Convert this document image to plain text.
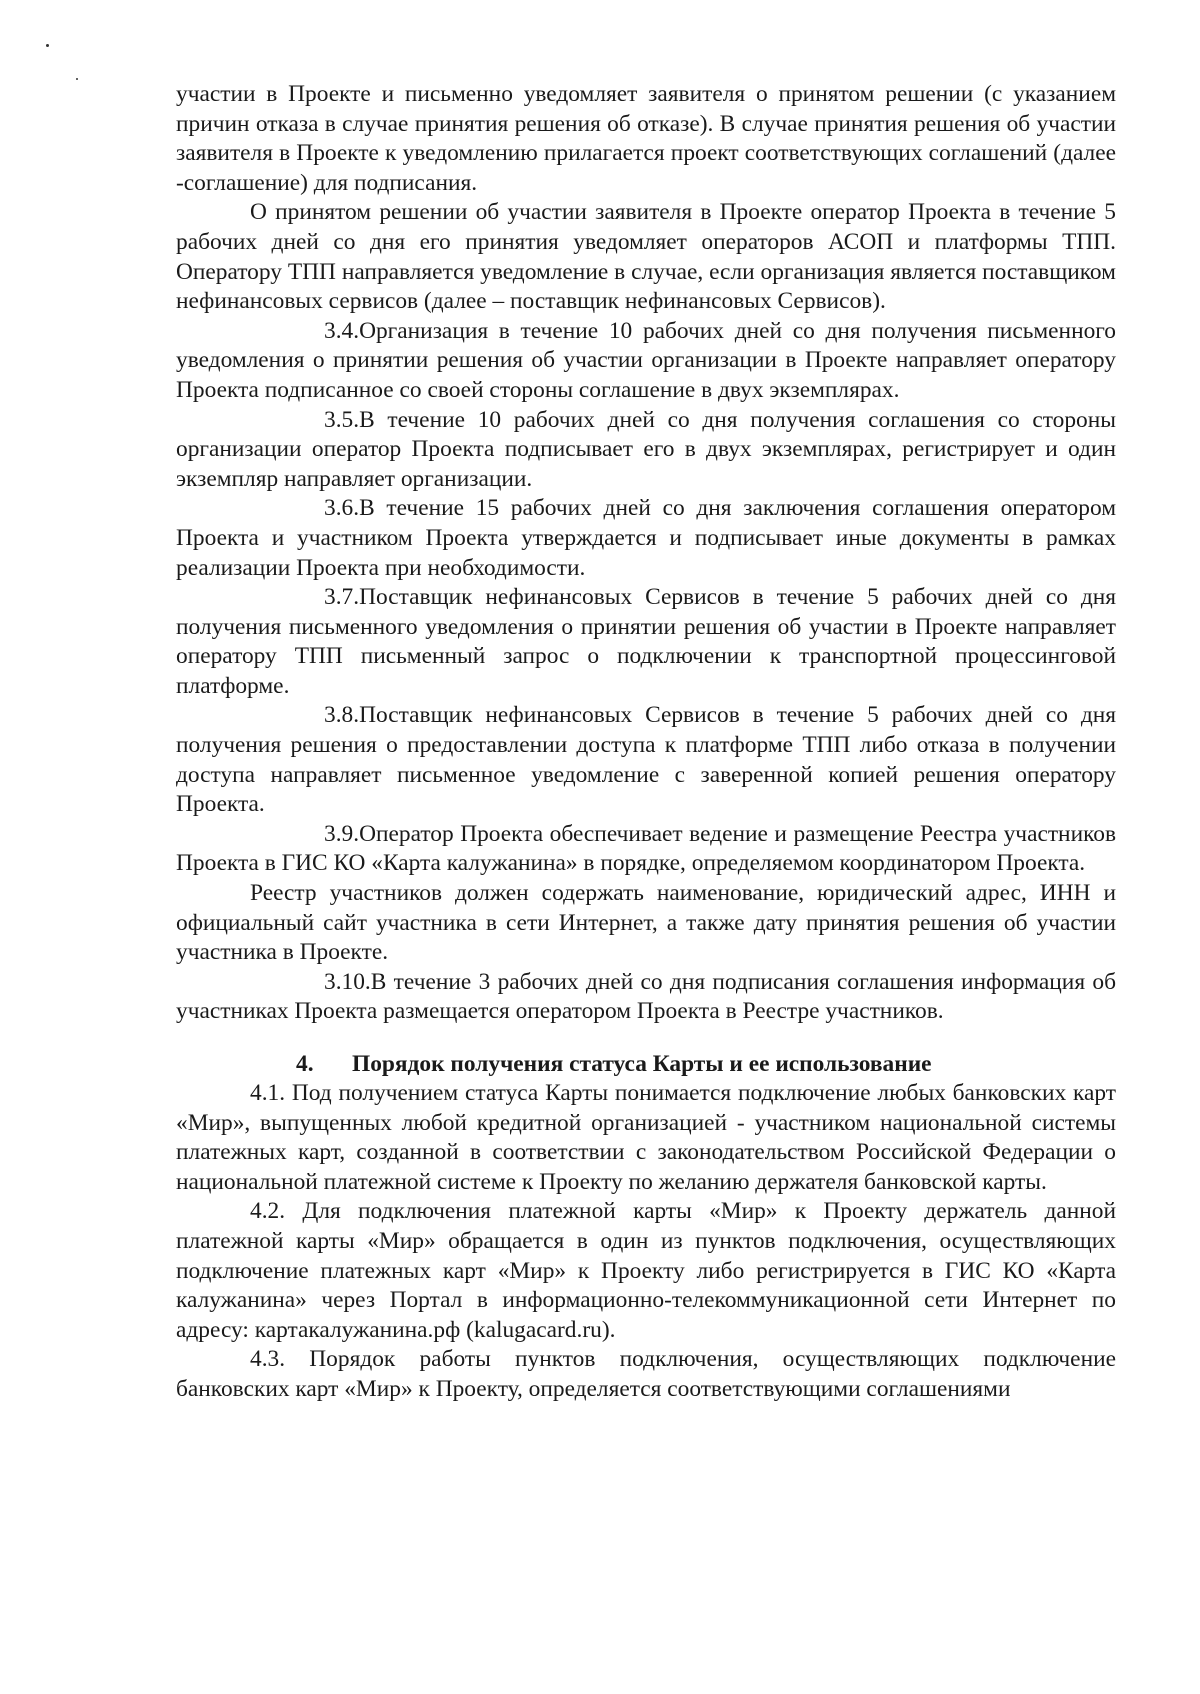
участии в Проекте и письменно уведомляет заявителя о принятом решении (с указанием причин отказа в случае принятия решения об отказе). В случае принятия решения об участии заявителя в Проекте к уведомлению прилагается проект соответствующих соглашений (далее -соглашение) для подписания.

О принятом решении об участии заявителя в Проекте оператор Проекта в течение 5 рабочих дней со дня его принятия уведомляет операторов АСОП и платформы ТПП. Оператору ТПП направляется уведомление в случае, если организация является поставщиком нефинансовых сервисов (далее – поставщик нефинансовых Сервисов).

3.4.Организация в течение 10 рабочих дней со дня получения письменного уведомления о принятии решения об участии организации в Проекте направляет оператору Проекта подписанное со своей стороны соглашение в двух экземплярах.

3.5.В течение 10 рабочих дней со дня получения соглашения со стороны организации оператор Проекта подписывает его в двух экземплярах, регистрирует и один экземпляр направляет организации.

3.6.В течение 15 рабочих дней со дня заключения соглашения оператором Проекта и участником Проекта утверждается и подписывает иные документы в рамках реализации Проекта при необходимости.

3.7.Поставщик нефинансовых Сервисов в течение 5 рабочих дней со дня получения письменного уведомления о принятии решения об участии в Проекте направляет оператору ТПП письменный запрос о подключении к транспортной процессинговой платформе.

3.8.Поставщик нефинансовых Сервисов в течение 5 рабочих дней со дня получения решения о предоставлении доступа к платформе ТПП либо отказа в получении доступа направляет письменное уведомление с заверенной копией решения оператору Проекта.

3.9.Оператор Проекта обеспечивает ведение и размещение Реестра участников Проекта в ГИС КО «Карта калужанина» в порядке, определяемом координатором Проекта.

Реестр участников должен содержать наименование, юридический адрес, ИНН и официальный сайт участника в сети Интернет, а также дату принятия решения об участии участника в Проекте.

3.10.В течение 3 рабочих дней со дня подписания соглашения информация об участниках Проекта размещается оператором Проекта в Реестре участников.

4. Порядок получения статуса Карты и ее использование

4.1. Под получением статуса Карты понимается подключение любых банковских карт «Мир», выпущенных любой кредитной организацией - участником национальной системы платежных карт, созданной в соответствии с законодательством Российской Федерации о национальной платежной системе к Проекту по желанию держателя банковской карты.

4.2. Для подключения платежной карты «Мир» к Проекту держатель данной платежной карты «Мир» обращается в один из пунктов подключения, осуществляющих подключение платежных карт «Мир» к Проекту либо регистрируется в ГИС КО «Карта калужанина» через Портал в информационно-телекоммуникационной сети Интернет по адресу: картакалужанина.рф (kalugacard.ru).

4.3. Порядок работы пунктов подключения, осуществляющих подключение банковских карт «Мир» к Проекту, определяется соответствующими соглашениями
